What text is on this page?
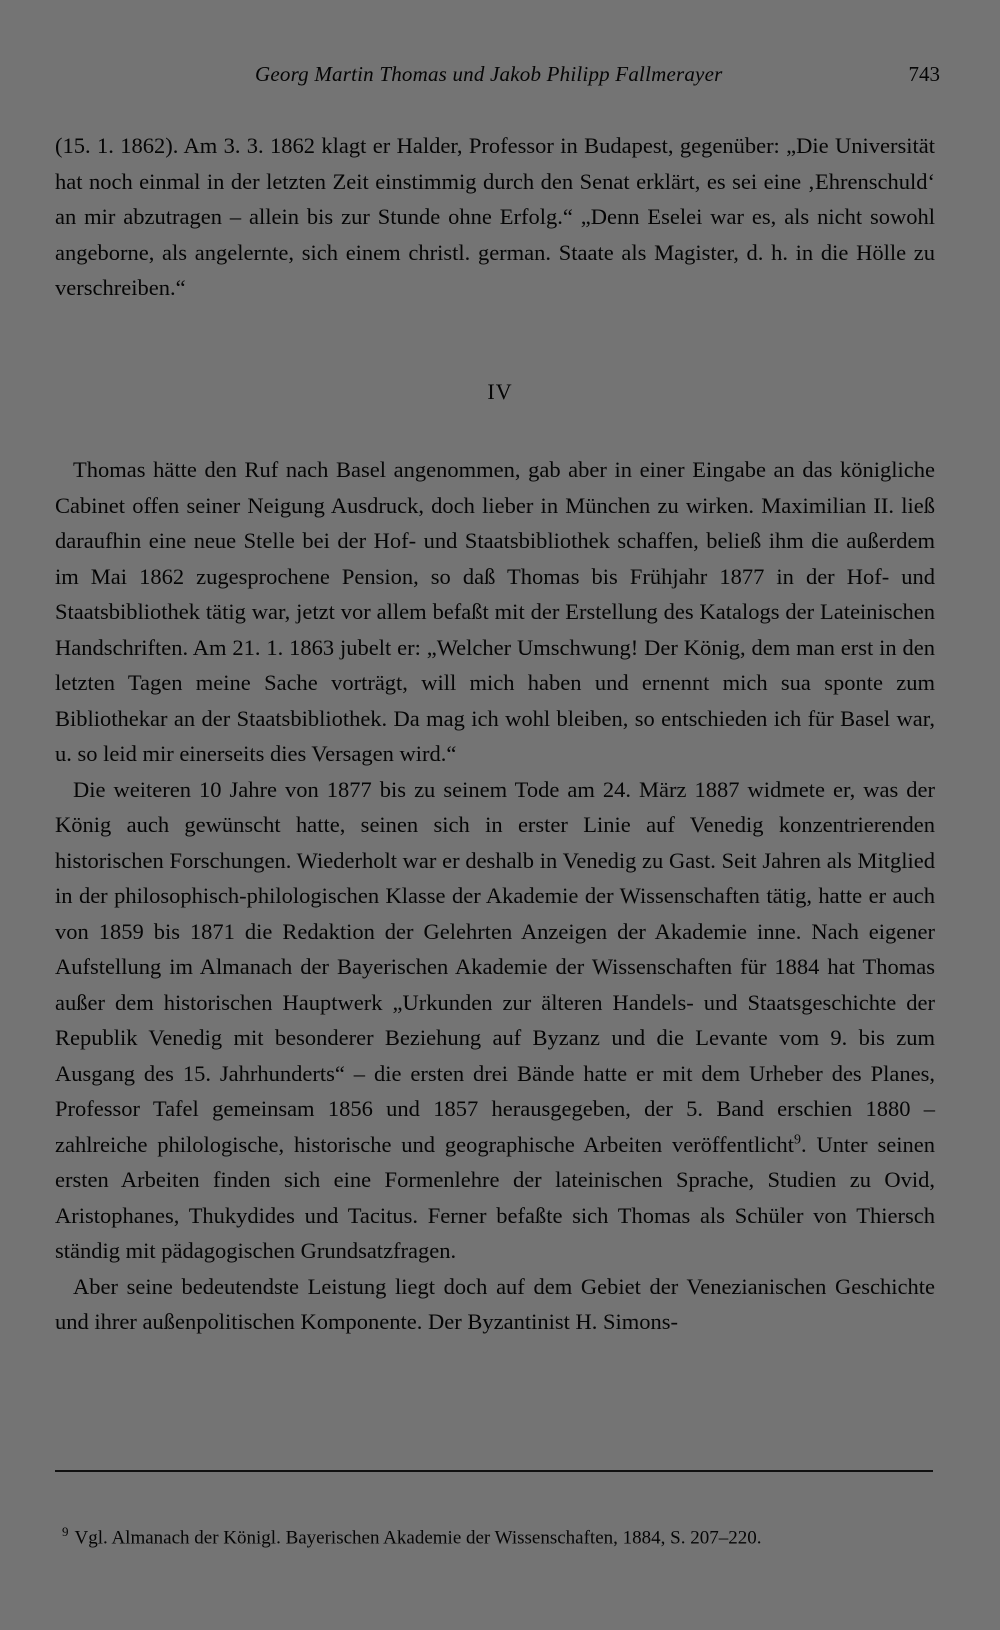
Georg Martin Thomas und Jakob Philipp Fallmerayer	743

(15. 1. 1862). Am 3. 3. 1862 klagt er Halder, Professor in Budapest, gegenüber: „Die Universität hat noch einmal in der letzten Zeit einstimmig durch den Senat erklärt, es sei eine ‚Ehrenschuld‘ an mir abzutragen – allein bis zur Stunde ohne Erfolg.“ „Denn Eselei war es, als nicht sowohl angeborne, als angelernte, sich einem christl. german. Staate als Magister, d. h. in die Hölle zu verschreiben.“

IV

Thomas hätte den Ruf nach Basel angenommen, gab aber in einer Eingabe an das königliche Cabinet offen seiner Neigung Ausdruck, doch lieber in München zu wirken. Maximilian II. ließ daraufhin eine neue Stelle bei der Hof- und Staatsbibliothek schaffen, beließ ihm die außerdem im Mai 1862 zugesprochene Pension, so daß Thomas bis Frühjahr 1877 in der Hof- und Staatsbibliothek tätig war, jetzt vor allem befaßt mit der Erstellung des Katalogs der Lateinischen Handschriften. Am 21. 1. 1863 jubelt er: „Welcher Umschwung! Der König, dem man erst in den letzten Tagen meine Sache vorträgt, will mich haben und ernennt mich sua sponte zum Bibliothekar an der Staatsbibliothek. Da mag ich wohl bleiben, so entschieden ich für Basel war, u. so leid mir einerseits dies Versagen wird.“

Die weiteren 10 Jahre von 1877 bis zu seinem Tode am 24. März 1887 widmete er, was der König auch gewünscht hatte, seinen sich in erster Linie auf Venedig konzentrierenden historischen Forschungen. Wiederholt war er deshalb in Venedig zu Gast. Seit Jahren als Mitglied in der philosophisch-philologischen Klasse der Akademie der Wissenschaften tätig, hatte er auch von 1859 bis 1871 die Redaktion der Gelehrten Anzeigen der Akademie inne. Nach eigener Aufstellung im Almanach der Bayerischen Akademie der Wissenschaften für 1884 hat Thomas außer dem historischen Hauptwerk „Urkunden zur älteren Handels- und Staatsgeschichte der Republik Venedig mit besonderer Beziehung auf Byzanz und die Levante vom 9. bis zum Ausgang des 15. Jahrhunderts“ – die ersten drei Bände hatte er mit dem Urheber des Planes, Professor Tafel gemeinsam 1856 und 1857 herausgegeben, der 5. Band erschien 1880 – zahlreiche philologische, historische und geographische Arbeiten veröffentlicht$^9$. Unter seinen ersten Arbeiten finden sich eine Formenlehre der lateinischen Sprache, Studien zu Ovid, Aristophanes, Thukydides und Tacitus. Ferner befaßte sich Thomas als Schüler von Thiersch ständig mit pädagogischen Grundsatzfragen.

Aber seine bedeutendste Leistung liegt doch auf dem Gebiet der Venezianischen Geschichte und ihrer außenpolitischen Komponente. Der Byzantinist H. Simons-

$^9$ Vgl. Almanach der Königl. Bayerischen Akademie der Wissenschaften, 1884, S. 207–220.
